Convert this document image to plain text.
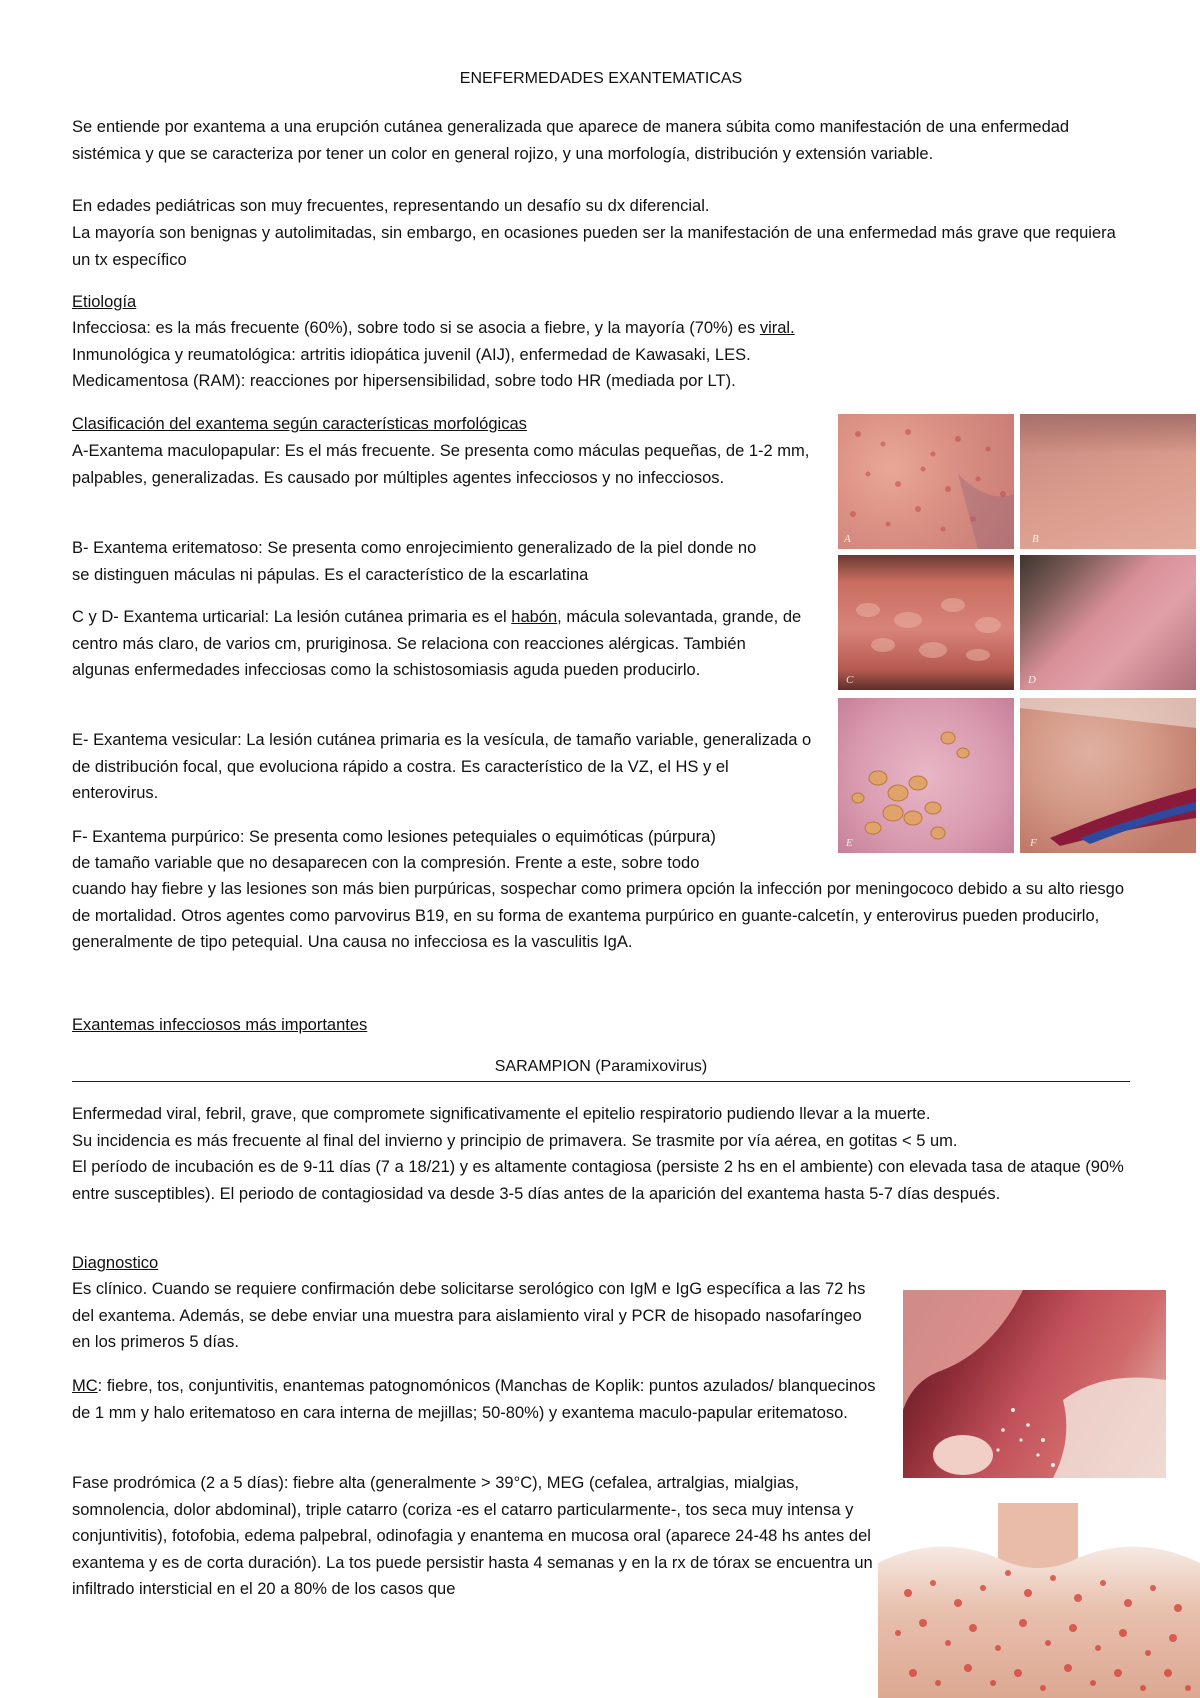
ENEFERMEDADES EXANTEMATICAS

Se entiende por exantema a una erupción cutánea generalizada que aparece de manera súbita como manifestación de una enfermedad sistémica y que se caracteriza por tener un color en general rojizo, y una morfología, distribución y extensión variable.

En edades pediátricas son muy frecuentes, representando un desafío su dx diferencial.

La mayoría son benignas y autolimitadas, sin embargo, en ocasiones pueden ser la manifestación de una enfermedad más grave que requiera un tx específico

Etiología

Infecciosa: es la más frecuente (60%), sobre todo si se asocia a fiebre, y la mayoría (70%) es viral.

Inmunológica y reumatológica: artritis idiopática juvenil (AIJ), enfermedad de Kawasaki, LES.

Medicamentosa (RAM): reacciones por hipersensibilidad, sobre todo HR (mediada por LT).

Clasificación del exantema según características morfológicas

A-Exantema maculopapular: Es el más frecuente. Se presenta como máculas pequeñas, de 1-2 mm, palpables, generalizadas. Es causado por múltiples agentes infecciosos y no infecciosos.

B- Exantema eritematoso: Se presenta como enrojecimiento generalizado de la piel donde no se distinguen máculas ni pápulas. Es el característico de la escarlatina

C y D- Exantema urticarial: La lesión cutánea primaria es el habón, mácula solevantada, grande, de centro más claro, de varios cm, pruriginosa. Se relaciona con reacciones alérgicas. También algunas enfermedades infecciosas como la schistosomiasis aguda pueden producirlo.

E- Exantema vesicular: La lesión cutánea primaria es la vesícula, de tamaño variable, generalizada o de distribución focal, que evoluciona rápido a costra. Es característico de la VZ, el HS y el enterovirus.

F- Exantema purpúrico: Se presenta como lesiones petequiales o equimóticas (púrpura)

de tamaño variable que no desaparecen con la compresión. Frente a este, sobre todo

cuando hay fiebre y las lesiones son más bien purpúricas, sospechar como primera opción la infección por meningococo debido a su alto riesgo de mortalidad. Otros agentes como parvovirus B19, en su forma de exantema purpúrico en guante-calcetín, y enterovirus pueden producirlo, generalmente de tipo petequial. Una causa no infecciosa es la vasculitis IgA.

A	B
C	D
E	F

Exantemas infecciosos más importantes

SARAMPION (Paramixovirus)

Enfermedad viral, febril, grave, que compromete significativamente el epitelio respiratorio pudiendo llevar a la muerte.

Su incidencia es más frecuente al final del invierno y principio de primavera. Se trasmite por vía aérea, en gotitas < 5 um.

El período de incubación es de 9-11 días (7 a 18/21) y es altamente contagiosa (persiste 2 hs en el ambiente) con elevada tasa de ataque (90% entre susceptibles). El periodo de contagiosidad va desde 3-5 días antes de la aparición del exantema hasta 5-7 días después.

Diagnostico

Es clínico. Cuando se requiere confirmación debe solicitarse serológico con IgM e IgG específica a las 72 hs del exantema. Además, se debe enviar una muestra para aislamiento viral y PCR de hisopado nasofaríngeo en los primeros 5 días.

MC: fiebre, tos, conjuntivitis, enantemas patognomónicos (Manchas de Koplik: puntos azulados/ blanquecinos de 1 mm y halo eritematoso en cara interna de mejillas; 50-80%) y exantema maculo-papular eritematoso.

Fase prodrómica (2 a 5 días): fiebre alta (generalmente > 39°C), MEG (cefalea, artralgias, mialgias, somnolencia, dolor abdominal), triple catarro (coriza -es el catarro particularmente-, tos seca muy intensa y conjuntivitis), fotofobia, edema palpebral, odinofagia y enantema en mucosa oral (aparece 24-48 hs antes del exantema y es de corta duración). La tos puede persistir hasta 4 semanas y en la rx de tórax se encuentra un infiltrado intersticial en el 20 a 80% de los casos que
